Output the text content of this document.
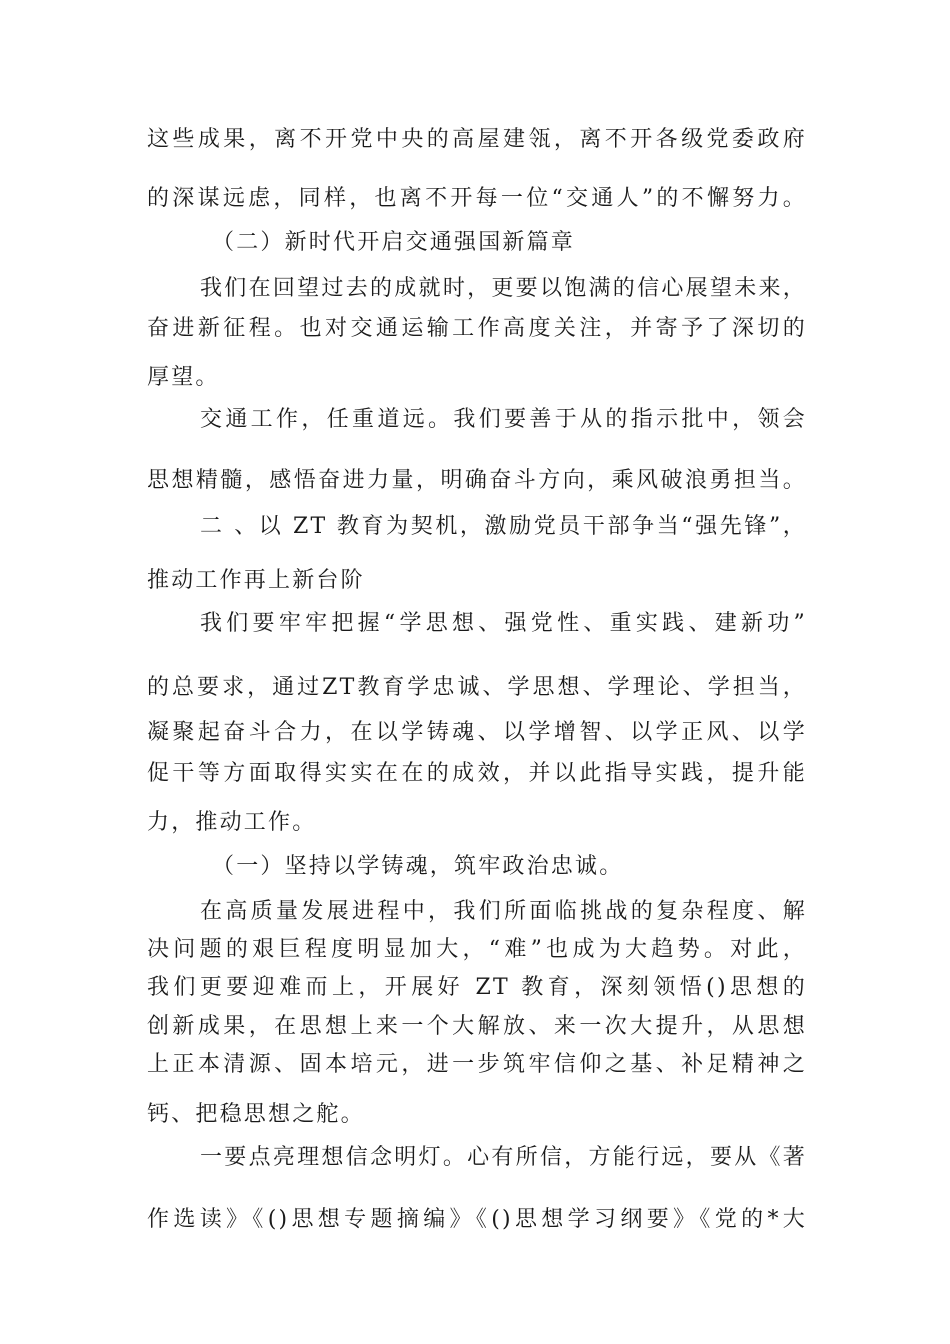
这些成果，离不开党中央的高屋建瓴，离不开各级党委政府
的深谋远虑，同样，也离不开每一位“交通人”的不懈努力。
（二）新时代开启交通强国新篇章
我们在回望过去的成就时，更要以饱满的信心展望未来，
奋进新征程。也对交通运输工作高度关注，并寄予了深切的
厚望。
交通工作，任重道远。我们要善于从的指示批中，领会
思想精髓，感悟奋进力量，明确奋斗方向，乘风破浪勇担当。
二 、以 ZT 教育为契机，激励党员干部争当“强先锋”，
推动工作再上新台阶
我们要牢牢把握“学思想、强党性、重实践、建新功”
的总要求，通过ZT教育学忠诚、学思想、学理论、学担当，
凝聚起奋斗合力，在以学铸魂、以学增智、以学正风、以学
促干等方面取得实实在在的成效，并以此指导实践，提升能
力，推动工作。
（一）坚持以学铸魂，筑牢政治忠诚。
在高质量发展进程中，我们所面临挑战的复杂程度、解
决问题的艰巨程度明显加大，“难”也成为大趋势。对此，
我们更要迎难而上，开展好 ZT 教育，深刻领悟()思想的
创新成果，在思想上来一个大解放、来一次大提升，从思想
上正本清源、固本培元，进一步筑牢信仰之基、补足精神之
钙、把稳思想之舵。
一要点亮理想信念明灯。心有所信，方能行远，要从《著
作选读》《()思想专题摘编》《()思想学习纲要》《党的*大
